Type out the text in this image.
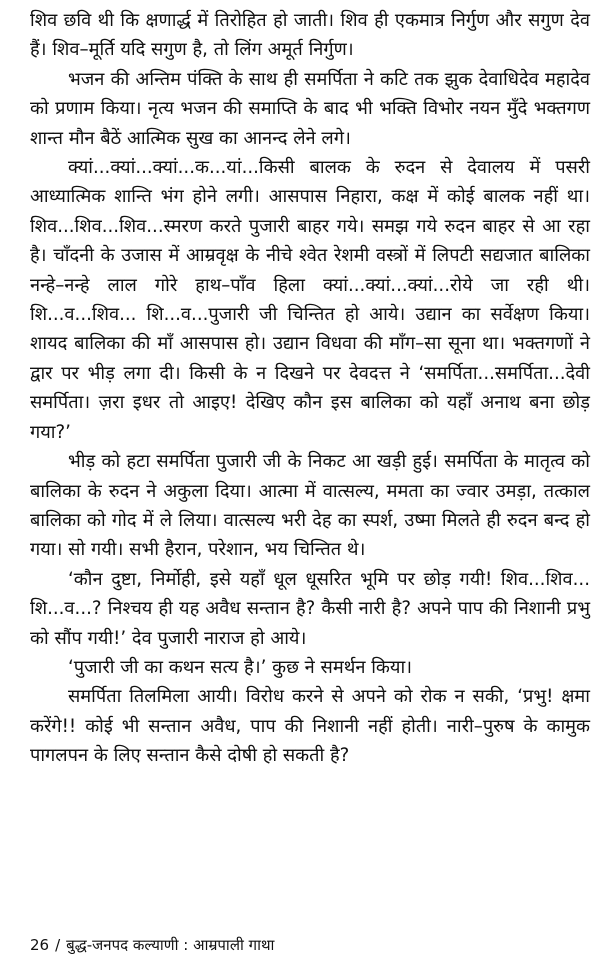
शिव छवि थी कि क्षणार्द्ध में तिरोहित हो जाती। शिव ही एकमात्र निर्गुण और सगुण देव हैं। शिव–मूर्ति यदि सगुण है, तो लिंग अमूर्त निर्गुण।

भजन की अन्तिम पंक्ति के साथ ही समर्पिता ने कटि तक झुक देवाधिदेव महादेव को प्रणाम किया। नृत्य भजन की समाप्ति के बाद भी भक्ति विभोर नयन मुँदे भक्तगण शान्त मौन बैठें आत्मिक सुख का आनन्द लेने लगे।

क्यां...क्यां...क्यां...क...यां...किसी बालक के रुदन से देवालय में पसरी आध्यात्मिक शान्ति भंग होने लगी। आसपास निहारा, कक्ष में कोई बालक नहीं था। शिव...शिव...शिव...स्मरण करते पुजारी बाहर गये। समझ गये रुदन बाहर से आ रहा है। चाँदनी के उजास में आम्रवृक्ष के नीचे श्वेत रेशमी वस्त्रों में लिपटी सद्यजात बालिका नन्हे–नन्हे लाल गोरे हाथ–पाँव हिला क्यां...क्यां...क्यां...रोये जा रही थी। शि...व...शिव... शि...व...पुजारी जी चिन्तित हो आये। उद्यान का सर्वेक्षण किया। शायद बालिका की माँ आसपास हो। उद्यान विधवा की माँग–सा सूना था। भक्तगणों ने द्वार पर भीड़ लगा दी। किसी के न दिखने पर देवदत्त ने ‘समर्पिता...समर्पिता...देवी समर्पिता। ज़रा इधर तो आइए! देखिए कौन इस बालिका को यहाँ अनाथ बना छोड़ गया?’

भीड़ को हटा समर्पिता पुजारी जी के निकट आ खड़ी हुई। समर्पिता के मातृत्व को बालिका के रुदन ने अकुला दिया। आत्मा में वात्सल्य, ममता का ज्वार उमड़ा, तत्काल बालिका को गोद में ले लिया। वात्सल्य भरी देह का स्पर्श, उष्मा मिलते ही रुदन बन्द हो गया। सो गयी। सभी हैरान, परेशान, भय चिन्तित थे।

‘कौन दुष्टा, निर्मोही, इसे यहाँ धूल धूसरित भूमि पर छोड़ गयी! शिव...शिव... शि...व...? निश्चय ही यह अवैध सन्तान है? कैसी नारी है? अपने पाप की निशानी प्रभु को सौंप गयी!’ देव पुजारी नाराज हो आये।

‘पुजारी जी का कथन सत्य है।’ कुछ ने समर्थन किया।

समर्पिता तिलमिला आयी। विरोध करने से अपने को रोक न सकी, ‘प्रभु! क्षमा करेंगे!! कोई भी सन्तान अवैध, पाप की निशानी नहीं होती। नारी–पुरुष के कामुक पागलपन के लिए सन्तान कैसे दोषी हो सकती है?

26 / बुद्ध-जनपद कल्याणी : आम्रपाली गाथा
